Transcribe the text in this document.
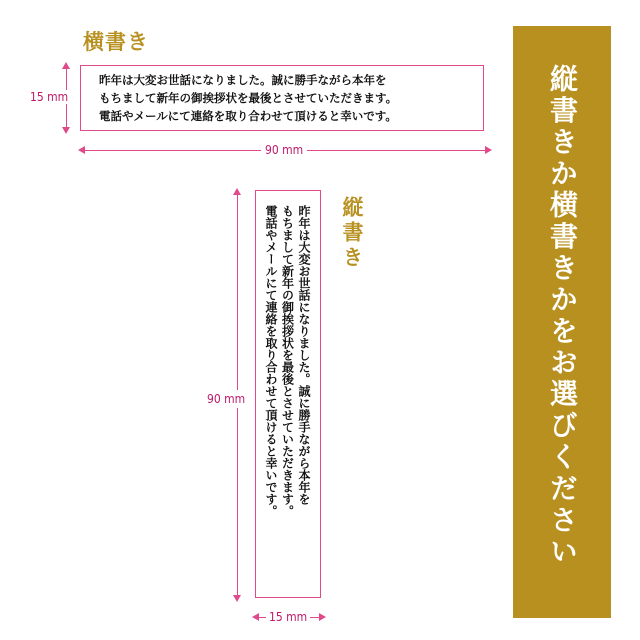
横書き
昨年は大変お世話になりました。誠に勝手ながら本年を
もちまして新年の御挨拶状を最後とさせていただきます。
電話やメールにて連絡を取り合わせて頂けると幸いです。
15 mm
90 mm
縦書き
昨年は大変お世話になりました。誠に勝手ながら本年を
もちまして新年の御挨拶状を最後とさせていただきます。
電話やメールにて連絡を取り合わせて頂けると幸いです。
90 mm
15 mm
縦書きか横書きかをお選びください
